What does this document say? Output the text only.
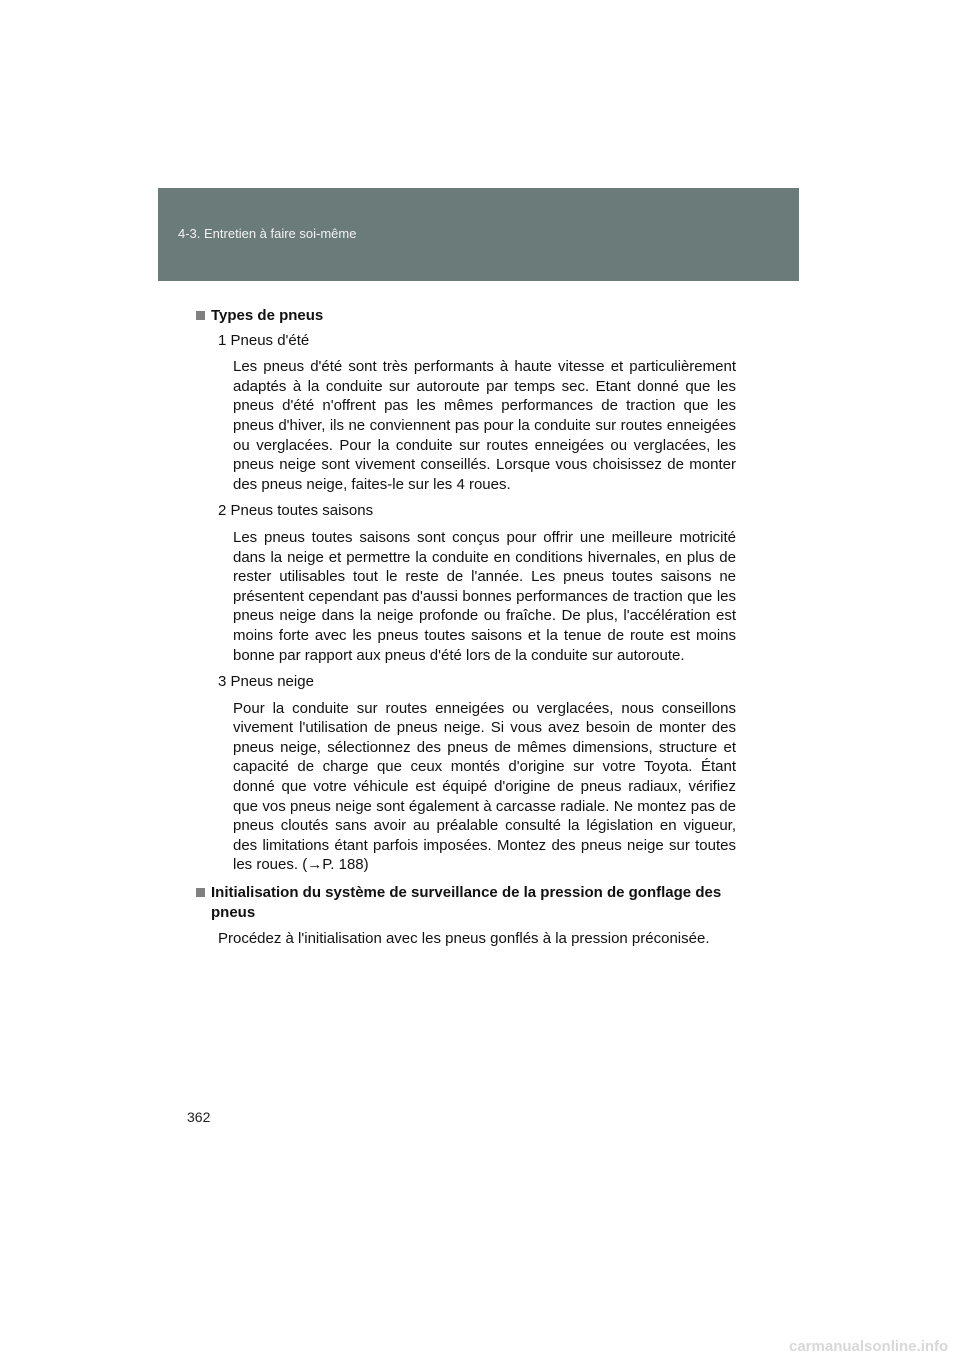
4-3. Entretien à faire soi-même
Types de pneus
1 Pneus d'été
Les pneus d'été sont très performants à haute vitesse et particulièrement adaptés à la conduite sur autoroute par temps sec. Etant donné que les pneus d'été n'offrent pas les mêmes performances de traction que les pneus d'hiver, ils ne conviennent pas pour la conduite sur routes enneigées ou verglacées. Pour la conduite sur routes enneigées ou verglacées, les pneus neige sont vivement conseillés. Lorsque vous choisissez de monter des pneus neige, faites-le sur les 4 roues.
2 Pneus toutes saisons
Les pneus toutes saisons sont conçus pour offrir une meilleure motricité dans la neige et permettre la conduite en conditions hivernales, en plus de rester utilisables tout le reste de l'année. Les pneus toutes saisons ne présentent cependant pas d'aussi bonnes performances de traction que les pneus neige dans la neige profonde ou fraîche. De plus, l'accélération est moins forte avec les pneus toutes saisons et la tenue de route est moins bonne par rapport aux pneus d'été lors de la conduite sur autoroute.
3 Pneus neige
Pour la conduite sur routes enneigées ou verglacées, nous conseillons vivement l'utilisation de pneus neige. Si vous avez besoin de monter des pneus neige, sélectionnez des pneus de mêmes dimensions, structure et capacité de charge que ceux montés d'origine sur votre Toyota. Étant donné que votre véhicule est équipé d'origine de pneus radiaux, vérifiez que vos pneus neige sont également à carcasse radiale. Ne montez pas de pneus cloutés sans avoir au préalable consulté la législation en vigueur, des limitations étant parfois imposées. Montez des pneus neige sur toutes les roues. (→P. 188)
Initialisation du système de surveillance de la pression de gonflage des pneus
Procédez à l'initialisation avec les pneus gonflés à la pression préconisée.
362
carmanualsonline.info
